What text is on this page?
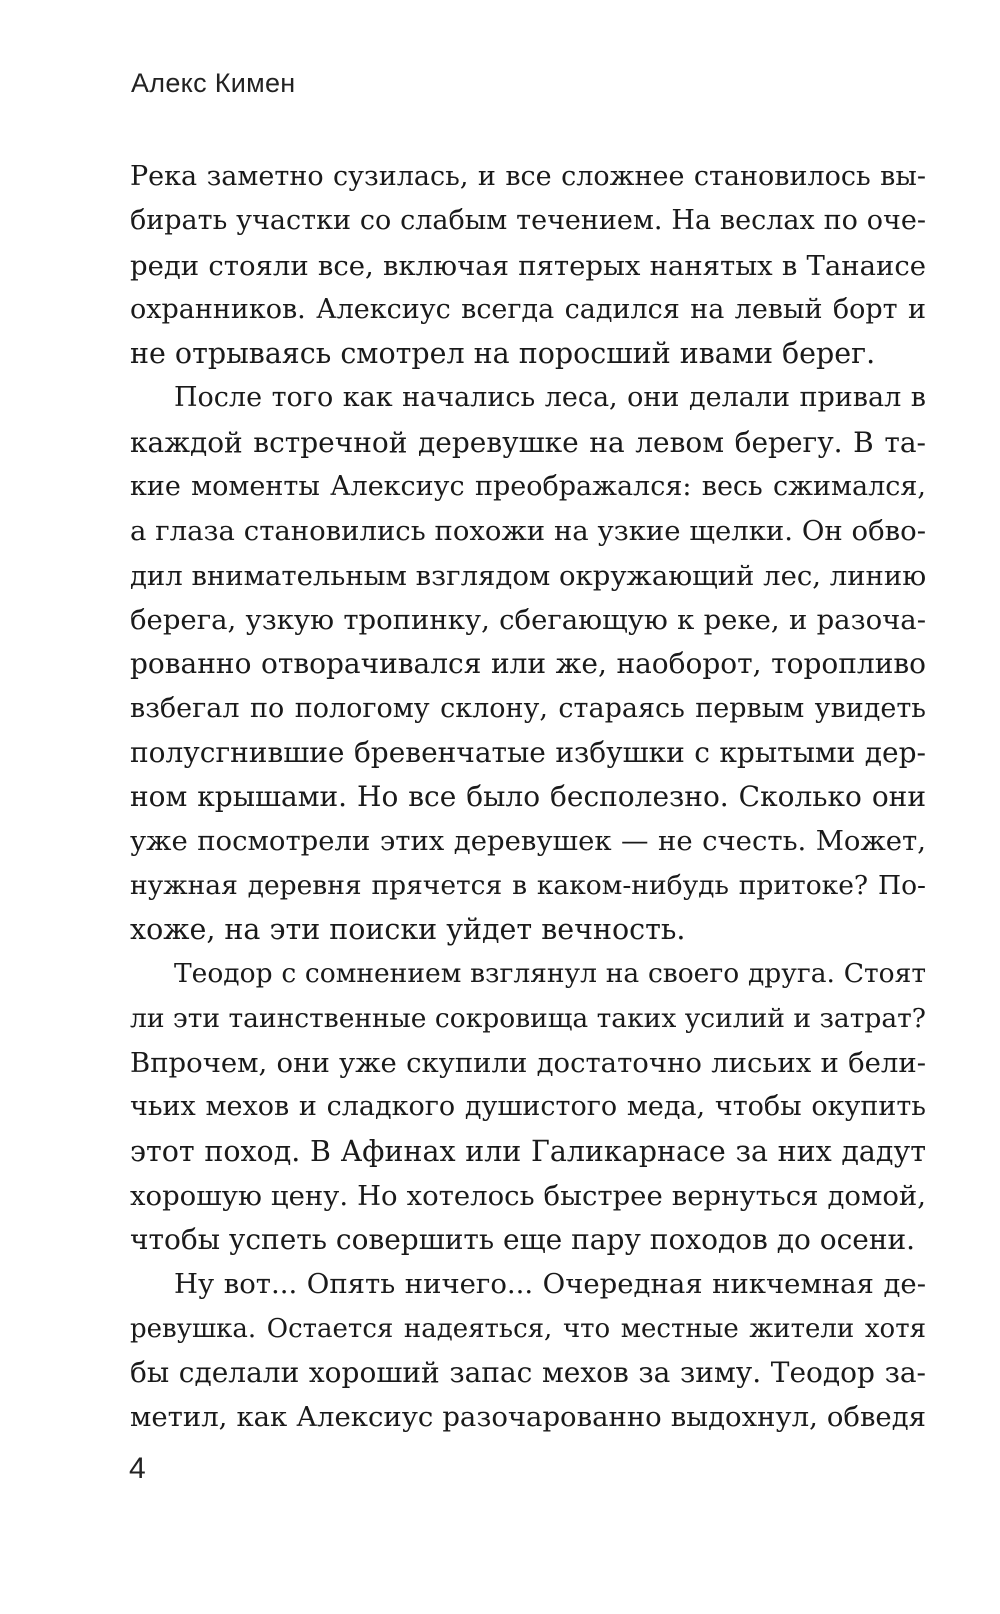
Алекс Кимен
Река заметно сузилась, и все сложнее становилось вы-
бирать участки со слабым течением. На веслах по оче-
реди стояли все, включая пятерых нанятых в Танаисе
охранников. Алексиус всегда садился на левый борт и
не отрываясь смотрел на поросший ивами берег.
После того как начались леса, они делали привал в
каждой встречной деревушке на левом берегу. В та-
кие моменты Алексиус преображался: весь сжимался,
а глаза становились похожи на узкие щелки. Он обво-
дил внимательным взглядом окружающий лес, линию
берега, узкую тропинку, сбегающую к реке, и разоча-
рованно отворачивался или же, наоборот, торопливо
взбегал по пологому склону, стараясь первым увидеть
полусгнившие бревенчатые избушки с крытыми дер-
ном крышами. Но все было бесполезно. Сколько они
уже посмотрели этих деревушек — не счесть. Может,
нужная деревня прячется в каком-нибудь притоке? По-
хоже, на эти поиски уйдет вечность.
Теодор с сомнением взглянул на своего друга. Стоят
ли эти таинственные сокровища таких усилий и затрат?
Впрочем, они уже скупили достаточно лисьих и бели-
чьих мехов и сладкого душистого меда, чтобы окупить
этот поход. В Афинах или Галикарнасе за них дадут
хорошую цену. Но хотелось быстрее вернуться домой,
чтобы успеть совершить еще пару походов до осени.
Ну вот... Опять ничего... Очередная никчемная де-
ревушка. Остается надеяться, что местные жители хотя
бы сделали хороший запас мехов за зиму. Теодор за-
метил, как Алексиус разочарованно выдохнул, обведя
4
